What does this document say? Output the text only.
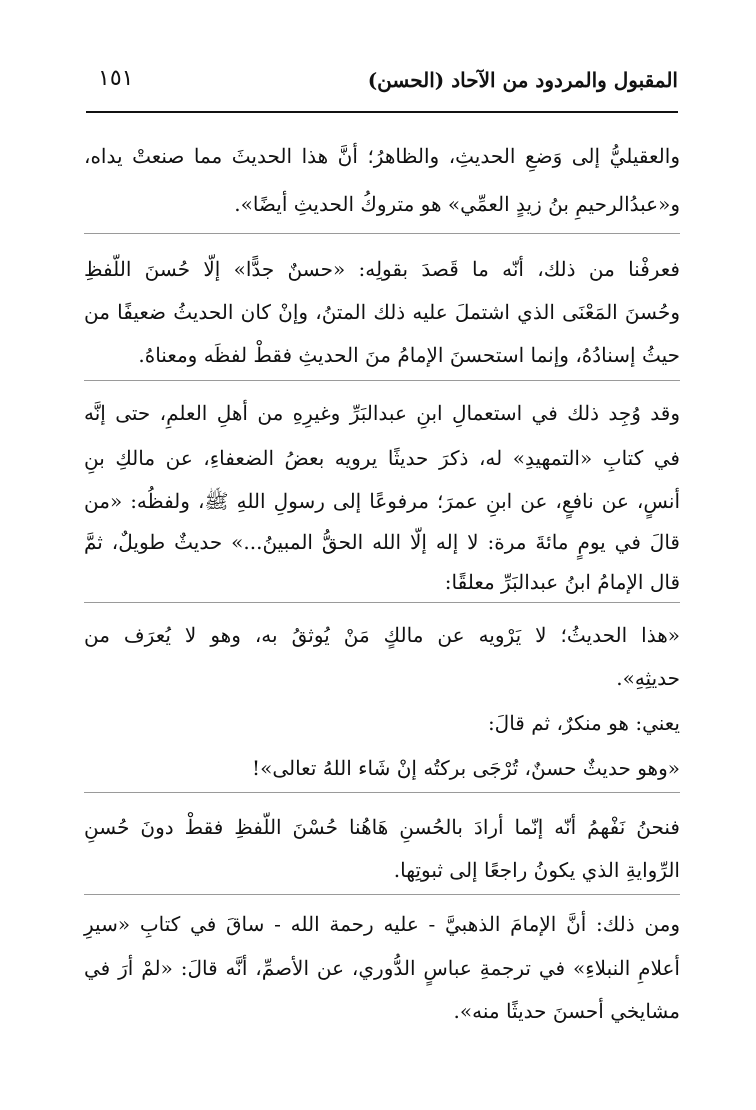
المقبول والمردود من الآحاد (الحسن)
١٥١
والعقيليُّ إلى وَضعِ الحديثِ، والظاهرُ؛ أنَّ هذا الحديثَ مما صنعتْ يداه،
و«عبدُالرحيمِ بنُ زيدٍ العمِّي» هو متروكُ الحديثِ أيضًا».
فعرفْنا من ذلك، أنّه ما قَصدَ بقولِه: «حسنٌ جدًّا» إلّا حُسنَ اللّفظِ
وحُسنَ المَعْنَى الذي اشتملَ عليه ذلك المتنُ، وإنْ كان الحديثُ ضعيفًا من
حيثُ إسنادُهُ، وإنما استحسنَ الإمامُ منَ الحديثِ فقطْ لفظَه ومعناهُ.
وقد وُجِد ذلك في استعمالِ ابنِ عبدالبَرِّ وغيرِهِ من أهلِ العلمِ، حتى إنَّه
في كتابِ «التمهيدِ» له، ذكرَ حديثًا يرويه بعضُ الضعفاءِ، عن مالكِ بنِ
أنسٍ، عن نافعٍ، عن ابنِ عمرَ؛ مرفوعًا إلى رسولِ اللهِ ﷺ، ولفظُه: «من
قالَ في يومٍ مائةَ مرة: لا إله إلّا الله الحقُّ المبينُ...» حديثٌ طويلٌ، ثمَّ
قال الإمامُ ابنُ عبدالبَرِّ معلقًا:
«هذا الحديثُ؛ لا يَرْويه عن مالكٍ مَنْ يُوثقُ به، وهو لا يُعرَف من
حديثِهِ».
يعني: هو منكرٌ، ثم قالَ:
«وهو حديثٌ حسنٌ، تُرْجَى بركتُه إنْ شَاء اللهُ تعالى»!
فنحنُ نَفْهمُ أنّه إنّما أرادَ بالحُسنِ هَاهُنا حُسْنَ اللّفظِ فقطْ دونَ حُسنِ
الرِّوايةِ الذي يكونُ راجعًا إلى ثبوتِها.
ومن ذلك: أنَّ الإمامَ الذهبيَّ - عليه رحمة الله - ساقَ في كتابِ «سيرِ
أعلامِ النبلاءِ» في ترجمةِ عباسٍ الدُّوري، عن الأصمِّ، أنَّه قالَ: «لمْ أرَ في
مشايخي أحسنَ حديثًا منه».
